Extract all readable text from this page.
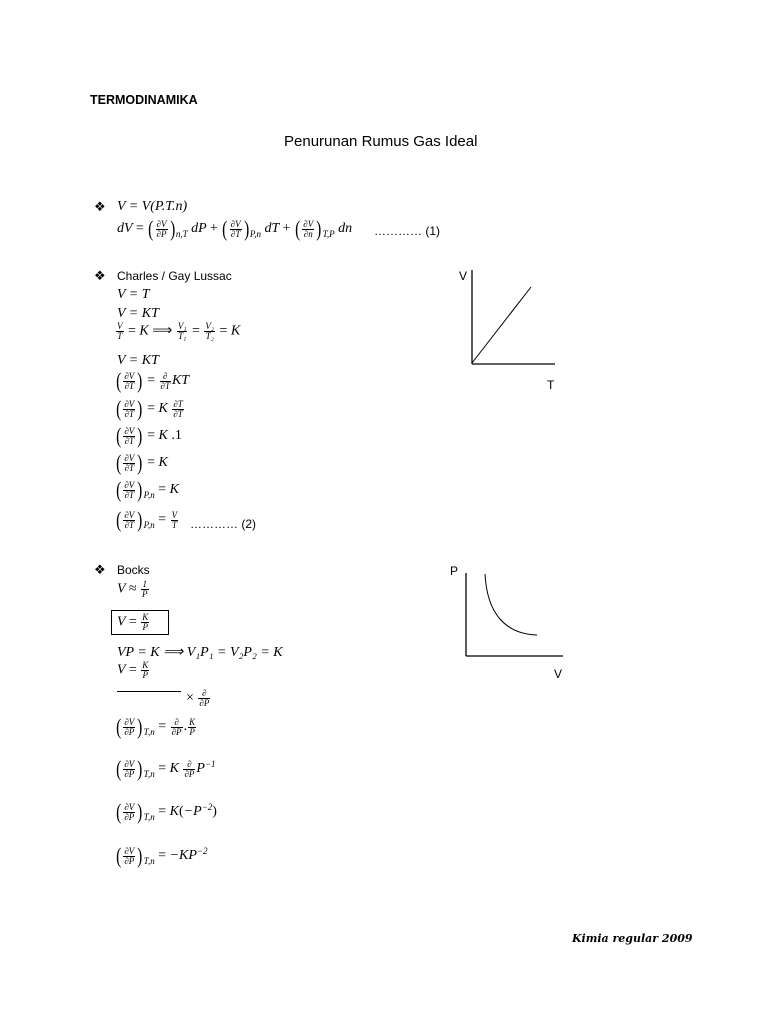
TERMODINAMIKA
Penurunan Rumus Gas Ideal
❖ V = V(P.T.n)
dV = ( $\frac{\partial V}{\partial P} )_{n,T}$ dP + ( $\frac{\partial V}{\partial T} )_{P,n}$ dT + ( $\frac{\partial V}{\partial n} )_{T,P}$ dn ………… (1)
❖ Charles / Gay Lussac
V = T
V = KT
$\frac{V}{T} = K$ ⟹ $\frac{\text{V₁}}{\text{T₁}} = \frac{\text{V₂}}{\text{T₂}} = K$
V = KT
( $\frac{\partial V}{\partial T}$ ) = $\frac{\partial}{\partial T}$ KT
( $\frac{\partial V}{\partial T}$ ) = K $\frac{\partial T}{\partial T}$
( $\frac{\partial V}{\partial T}$ ) = K .1
( $\frac{\partial V}{\partial T}$ ) = K
( $\frac{\partial V}{\partial T} )_{P,n} = K$
( $\frac{\partial V}{\partial T} )_{P,n} = \frac{V}{T}$ ………… (2)
V
T
❖ Bocks
$V \approx \frac{1}{P}$
$V = \frac{K}{P}$
VP = K ⟹ V₁P₁ = V₂P₂ = K
$V = \frac{K}{P}$
× $\frac{\partial}{\partial P}$
( $\frac{\partial V}{\partial P} )_{T,n} = \frac{\partial}{\partial P}$ . $\frac{K}{P}$
( $\frac{\partial V}{\partial P} )_{T,n} = K \frac{\partial}{\partial P} P^{-1}$
( $\frac{\partial V}{\partial P} )_{T,n} = K(-P^{-2})$
( $\frac{\partial V}{\partial P} )_{T,n} = -KP^{-2}$
P
V
Kimia regular 2009
